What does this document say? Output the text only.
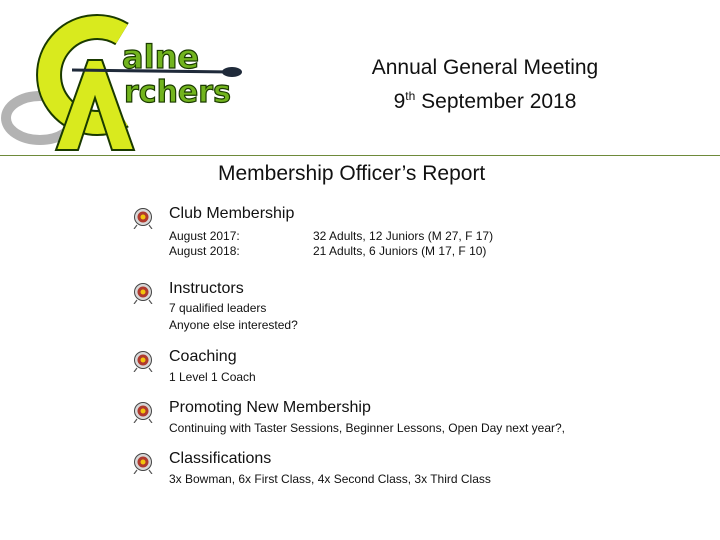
alne
rchers
Annual General Meeting
9th September 2018
Membership Officer’s Report
Club Membership
August 2017:	32 Adults, 12 Juniors (M 27, F 17)
August 2018:	21 Adults, 6 Juniors (M 17, F 10)
Instructors
7 qualified leaders
Anyone else interested?
Coaching
1 Level 1 Coach
Promoting New Membership
Continuing with Taster Sessions, Beginner Lessons, Open Day next year?,
Classifications
3x Bowman, 6x First Class, 4x Second Class, 3x Third Class
